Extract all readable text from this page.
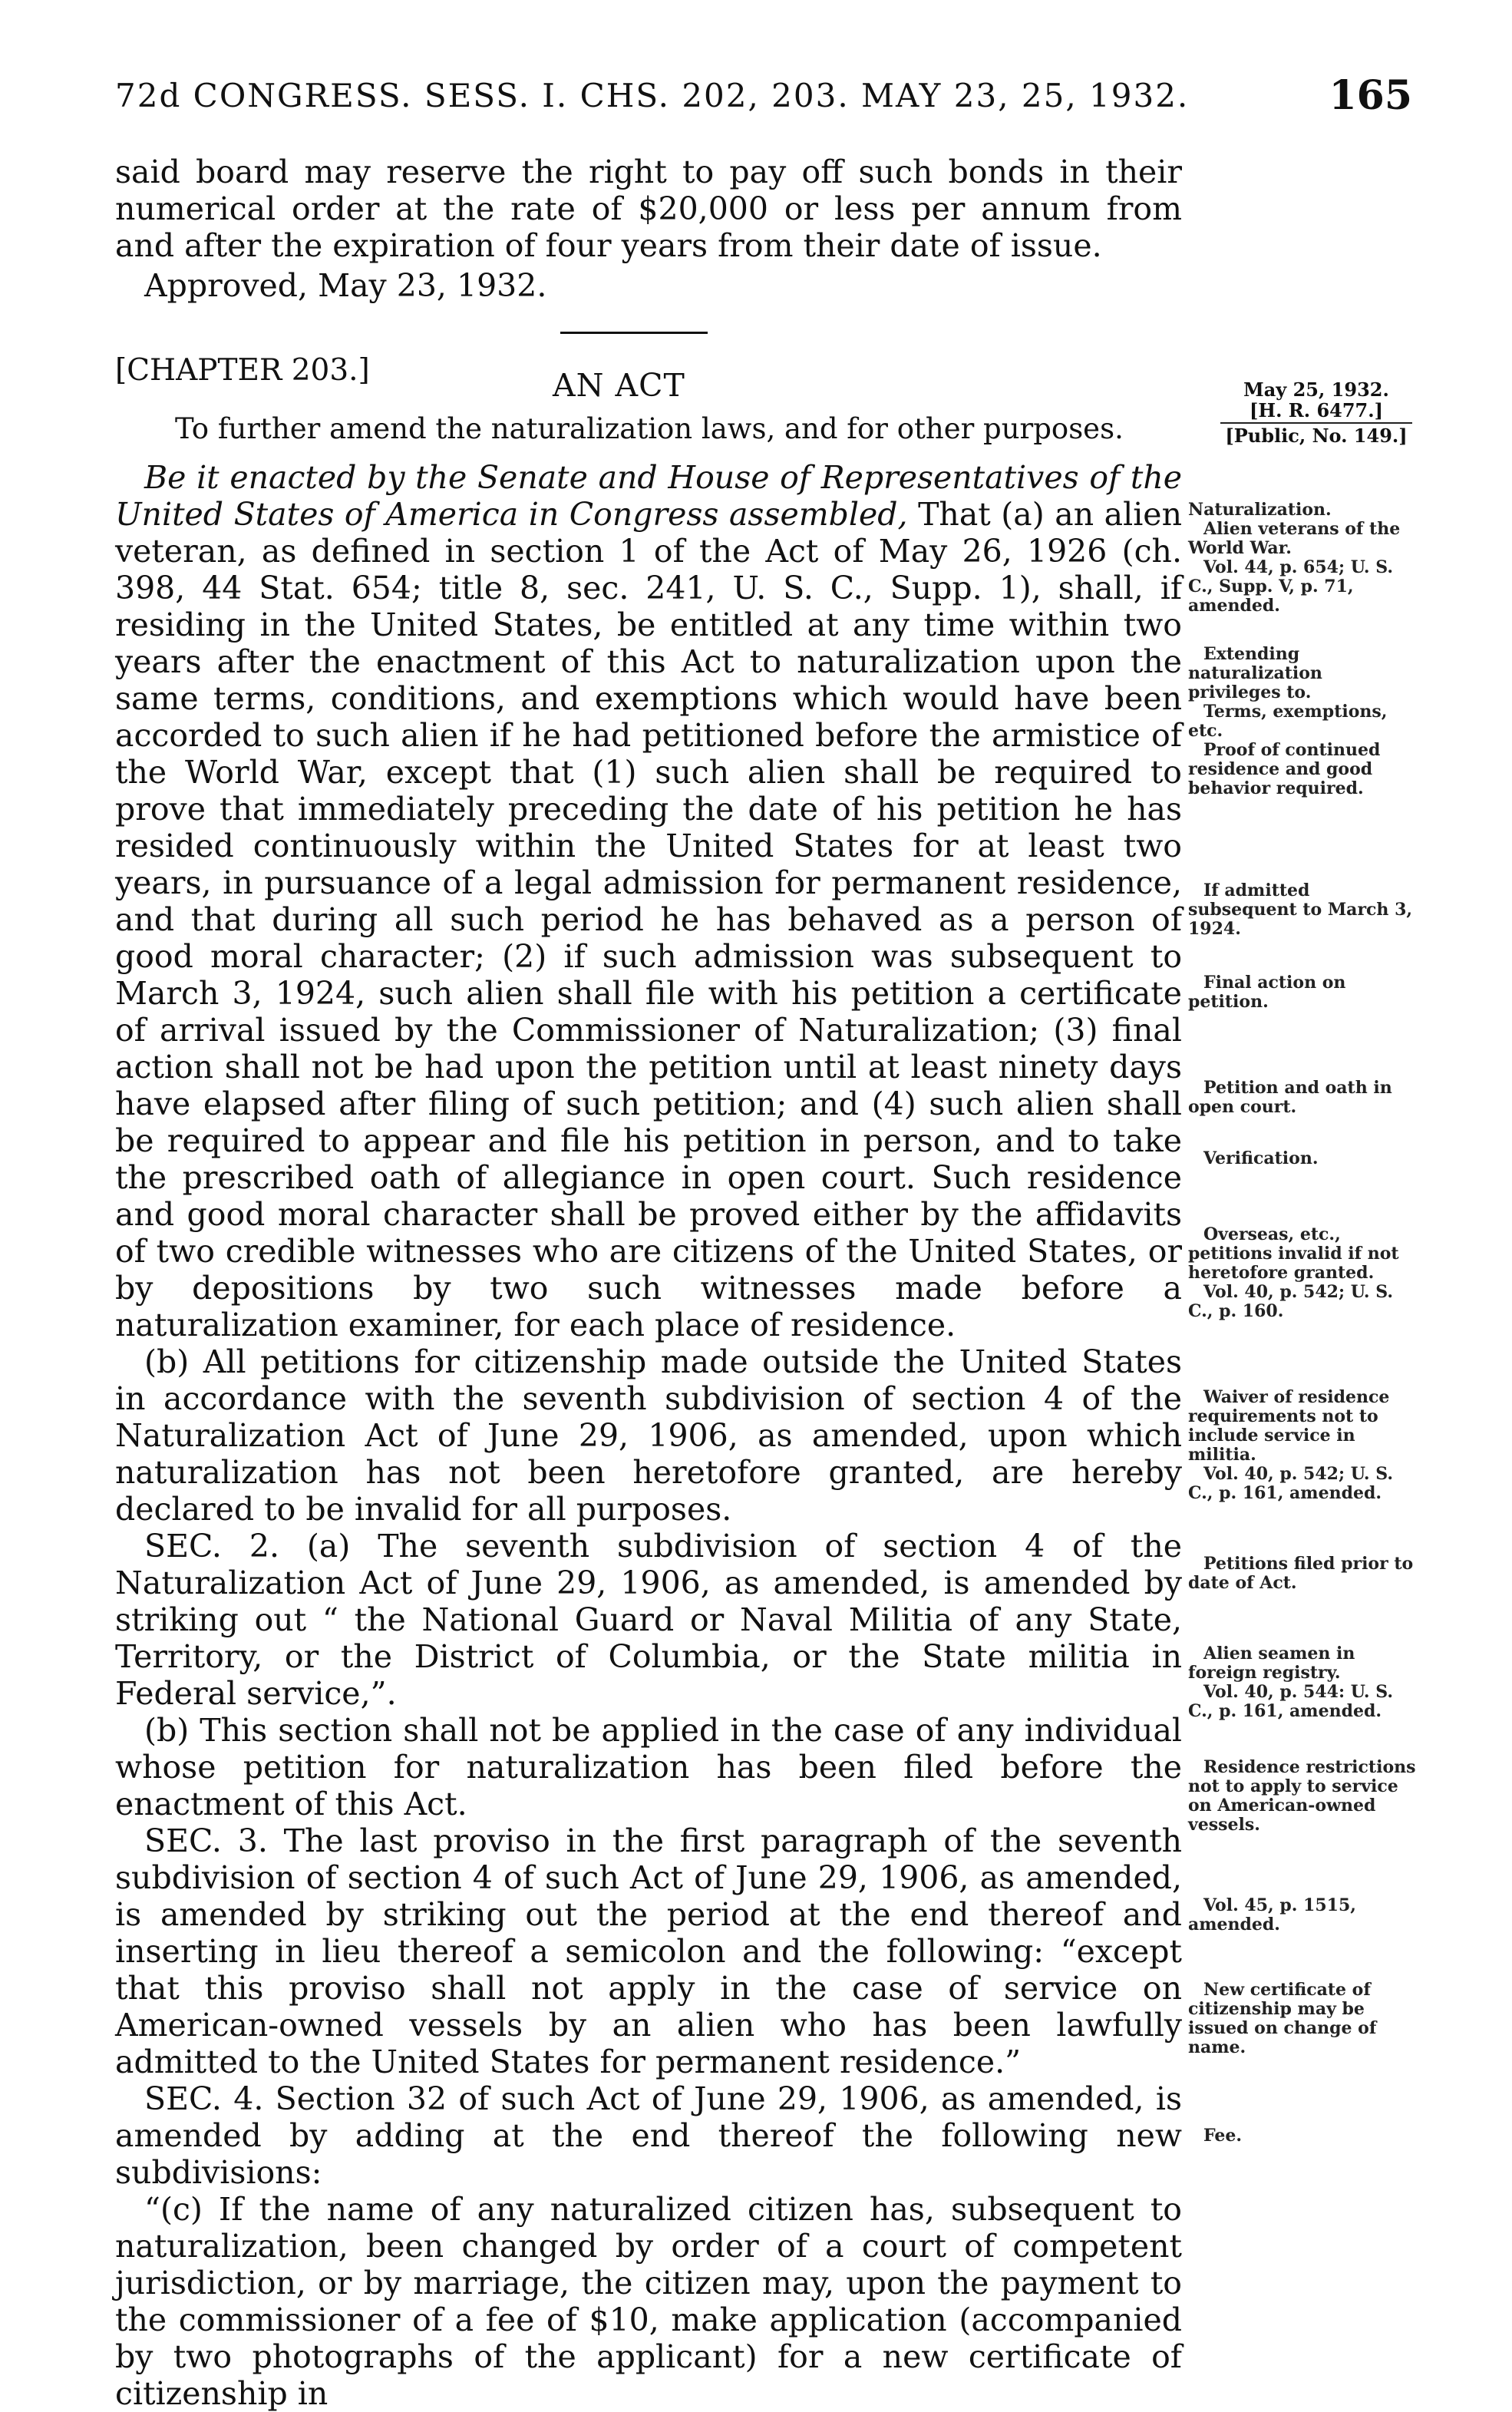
72d CONGRESS. SESS. I. CHS. 202, 203. MAY 23, 25, 1932.	165

said board may reserve the right to pay off such bonds in their numerical order at the rate of $20,000 or less per annum from and after the expiration of four years from their date of issue.

Approved, May 23, 1932.
[CHAPTER 203.]	AN ACT
To further amend the naturalization laws, and for other purposes.
May 25, 1932.
[H. R. 6477.]
[Public, No. 149.]

Be it enacted by the Senate and House of Representatives of the United States of America in Congress assembled, That (a) an alien veteran, as defined in section 1 of the Act of May 26, 1926 (ch. 398, 44 Stat. 654; title 8, sec. 241, U. S. C., Supp. 1), shall, if residing in the United States, be entitled at any time within two years after the enactment of this Act to naturalization upon the same terms, conditions, and exemptions which would have been accorded to such alien if he had petitioned before the armistice of the World War, except that (1) such alien shall be required to prove that immediately preceding the date of his petition he has resided continuously within the United States for at least two years, in pursuance of a legal admission for permanent residence, and that during all such period he has behaved as a person of good moral character; (2) if such admission was subsequent to March 3, 1924, such alien shall file with his petition a certificate of arrival issued by the Commissioner of Naturalization; (3) final action shall not be had upon the petition until at least ninety days have elapsed after filing of such petition; and (4) such alien shall be required to appear and file his petition in person, and to take the prescribed oath of allegiance in open court. Such residence and good moral character shall be proved either by the affidavits of two credible witnesses who are citizens of the United States, or by depositions by two such witnesses made before a naturalization examiner, for each place of residence.

(b) All petitions for citizenship made outside the United States in accordance with the seventh subdivision of section 4 of the Naturalization Act of June 29, 1906, as amended, upon which naturalization has not been heretofore granted, are hereby declared to be invalid for all purposes.

SEC. 2. (a) The seventh subdivision of section 4 of the Naturalization Act of June 29, 1906, as amended, is amended by striking out “ the National Guard or Naval Militia of any State, Territory, or the District of Columbia, or the State militia in Federal service,”.

(b) This section shall not be applied in the case of any individual whose petition for naturalization has been filed before the enactment of this Act.

SEC. 3. The last proviso in the first paragraph of the seventh subdivision of section 4 of such Act of June 29, 1906, as amended, is amended by striking out the period at the end thereof and inserting in lieu thereof a semicolon and the following: “except that this proviso shall not apply in the case of service on American-owned vessels by an alien who has been lawfully admitted to the United States for permanent residence.”

SEC. 4. Section 32 of such Act of June 29, 1906, as amended, is amended by adding at the end thereof the following new subdivisions:

“(c) If the name of any naturalized citizen has, subsequent to naturalization, been changed by order of a court of competent jurisdiction, or by marriage, the citizen may, upon the payment to the commissioner of a fee of $10, make application (accompanied by two photographs of the applicant) for a new certificate of citizenship in

Naturalization.

Alien veterans of the World War.

Vol. 44, p. 654; U. S. C., Supp. V, p. 71, amended.

Extending naturalization privileges to.

Terms, exemptions, etc.

Proof of continued residence and good behavior required.

If admitted subsequent to March 3, 1924.

Final action on petition.

Petition and oath in open court.

Verification.

Overseas, etc., petitions invalid if not heretofore granted.

Vol. 40, p. 542; U. S. C., p. 160.

Waiver of residence requirements not to include service in militia.

Vol. 40, p. 542; U. S. C., p. 161, amended.

Petitions filed prior to date of Act.

Alien seamen in foreign registry.

Vol. 40, p. 544: U. S. C., p. 161, amended.

Residence restrictions not to apply to service on American-owned vessels.

Vol. 45, p. 1515, amended.

New certificate of citizenship may be issued on change of name.

Fee.
